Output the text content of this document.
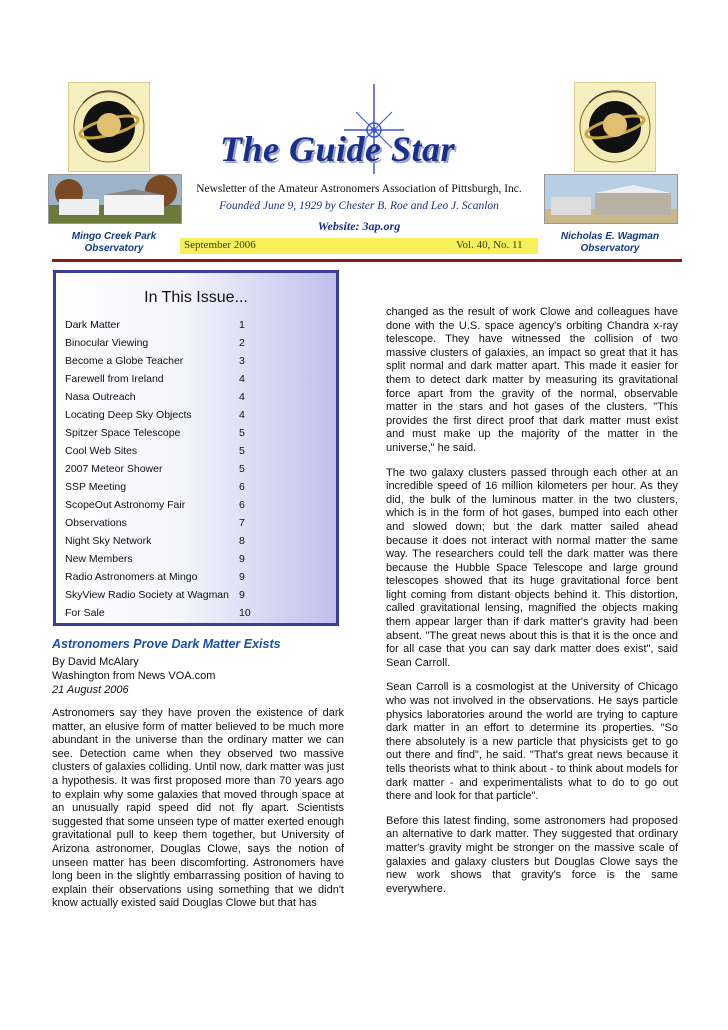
Mingo Creek Park
Observatory
Nicholas E. Wagman
Observatory
The Guide Star
Newsletter of the Amateur Astronomers Association of Pittsburgh, Inc.
Founded June 9, 1929 by Chester B. Roe and Leo J. Scanlon
Website: 3ap.org
September 2006	Vol. 40, No. 11
In This Issue...
Dark Matter	1
Binocular Viewing	2
Become a Globe Teacher	3
Farewell from Ireland	4
Nasa Outreach	4
Locating Deep Sky Objects	4
Spitzer Space Telescope	5
Cool Web Sites	5
2007 Meteor Shower	5
SSP Meeting	6
ScopeOut Astronomy Fair	6
Observations	7
Night Sky Network	8
New Members	9
Radio Astronomers at Mingo	9
SkyView Radio Society at Wagman 9
For Sale	10
Astronomers Prove Dark Matter Exists
By David McAlary
Washington from News VOA.com
21 August 2006

Astronomers say they have proven the existence of dark matter, an elusive form of matter believed to be much more abundant in the universe than the ordinary matter we can see. Detection came when they observed two massive clusters of galaxies colliding. Until now, dark matter was just a hypothesis. It was first proposed more than 70 years ago to explain why some galaxies that moved through space at an unusually rapid speed did not fly apart. Scientists suggested that some unseen type of matter exerted enough gravitational pull to keep them together, but University of Arizona astronomer, Douglas Clowe, says the notion of unseen matter has been discomforting. Astronomers have long been in the slightly embarrassing position of having to explain their observations using something that we didn't know actually existed said Douglas Clowe but that has

changed as the result of work Clowe and colleagues have done with the U.S. space agency's orbiting Chandra x-ray telescope. They have witnessed the collision of two massive clusters of galaxies, an impact so great that it has split normal and dark matter apart. This made it easier for them to detect dark matter by measuring its gravitational force apart from the gravity of the normal, observable matter in the stars and hot gases of the clusters. "This provides the first direct proof that dark matter must exist and must make up the majority of the matter in the universe," he said.

The two galaxy clusters passed through each other at an incredible speed of 16 million kilometers per hour. As they did, the bulk of the luminous matter in the two clusters, which is in the form of hot gases, bumped into each other and slowed down; but the dark matter sailed ahead because it does not interact with normal matter the same way. The researchers could tell the dark matter was there because the Hubble Space Telescope and large ground telescopes showed that its huge gravitational force bent light coming from distant objects behind it. This distortion, called gravitational lensing, magnified the objects making them appear larger than if dark matter's gravity had been absent. "The great news about this is that it is the once and for all case that you can say dark matter does exist", said Sean Carroll.

Sean Carroll is a cosmologist at the University of Chicago who was not involved in the observations. He says particle physics laboratories around the world are trying to capture dark matter in an effort to determine its properties. "So there absolutely is a new particle that physicists get to go out there and find", he said. "That's great news because it tells theorists what to think about - to think about models for dark matter - and experimentalists what to do to go out there and look for that particle".

Before this latest finding, some astronomers had proposed an alternative to dark matter. They suggested that ordinary matter's gravity might be stronger on the massive scale of galaxies and galaxy clusters but Douglas Clowe says the new work shows that gravity's force is the same everywhere.
